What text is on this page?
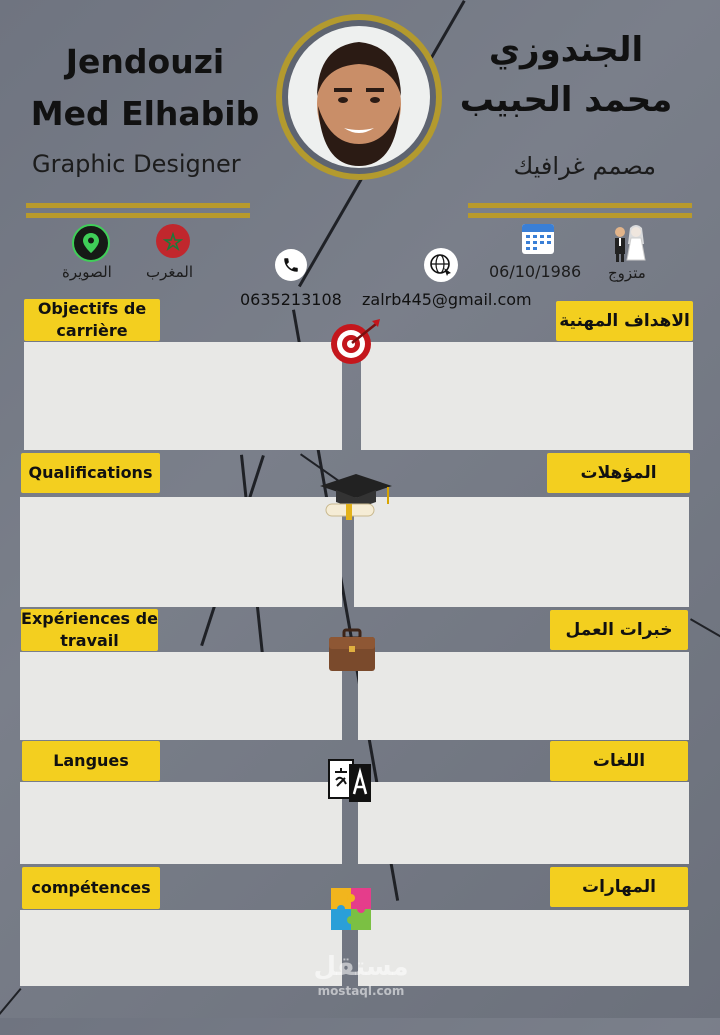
Jendouzi
Med Elhabib
Graphic Designer
الجندوزي
محمد الحبيب
مصمم غرافيك
الصويرة المغرب
0635213108 zalrb445@gmail.com
06/10/1986 متزوج
Objectifs de carrière	الاهداف المهنية
Qualifications	المؤهلات
Expériences de travail
خبرات العمل
Langues	اللغات
compétences	المهارات
مستقل
mostaql.com
